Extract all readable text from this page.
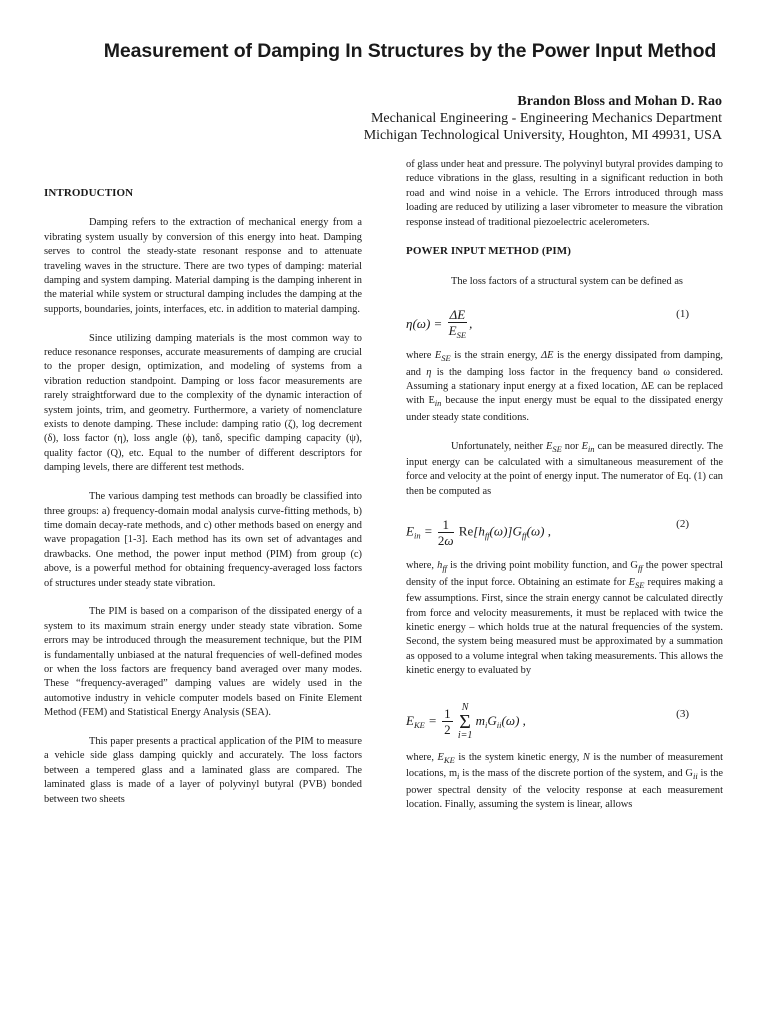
Measurement of Damping In Structures by the Power Input Method
Brandon Bloss and Mohan D. Rao
Mechanical Engineering - Engineering Mechanics Department
Michigan Technological University, Houghton, MI 49931, USA
INTRODUCTION

Damping refers to the extraction of mechanical energy from a vibrating system usually by conversion of this energy into heat. Damping serves to control the steady-state resonant response and to attenuate traveling waves in the structure. There are two types of damping: material damping and system damping. Material damping is the damping inherent in the material while system or structural damping includes the damping at the supports, boundaries, joints, interfaces, etc. in addition to material damping.

Since utilizing damping materials is the most common way to reduce resonance responses, accurate measurements of damping are crucial to the proper design, optimization, and modeling of systems from a vibration reduction standpoint. Damping or loss facor measurements are rarely straightforward due to the complexity of the dynamic interaction of system joints, trim, and geometry. Furthermore, a variety of nomenclature exists to denote damping. These include: damping ratio (ζ), log decrement (δ), loss factor (η), loss angle (ϕ), tanδ, specific damping capacity (ψ), quality factor (Q), etc. Equal to the number of different descriptors for damping levels, there are different test methods.

The various damping test methods can broadly be classified into three groups: a) frequency-domain modal analysis curve-fitting methods, b) time domain decay-rate methods, and c) other methods based on energy and wave propagation [1-3]. Each method has its own set of advantages and drawbacks. One method, the power input method (PIM) from group (c) above, is a powerful method for obtaining frequency-averaged loss factors of structures under steady state vibration.

The PIM is based on a comparison of the dissipated energy of a system to its maximum strain energy under steady state vibration. Some errors may be introduced through the measurement technique, but the PIM is fundamentally unbiased at the natural frequencies of well-defined modes or when the loss factors are frequency band averaged over many modes. These “frequency-averaged” damping values are widely used in the automotive industry in vehicle computer models based on Finite Element Method (FEM) and Statistical Energy Analysis (SEA).

This paper presents a practical application of the PIM to measure a vehicle side glass damping quickly and accurately. The loss factors between a tempered glass and a laminated glass are compared. The laminated glass is made of a layer of polyvinyl butyral (PVB) bonded between two sheets

of glass under heat and pressure. The polyvinyl butyral provides damping to reduce vibrations in the glass, resulting in a significant reduction in both road and wind noise in a vehicle. The Errors introduced through mass loading are reduced by utilizing a laser vibrometer to measure the vibration response instead of traditional piezoelectric acelerometers.

POWER INPUT METHOD (PIM)

The loss factors of a structural system can be defined as

$\eta(\omega) = \frac{\Delta E}{E_{SE}}$ ,
(1)

where $E_{SE}$ is the strain energy, ΔE is the energy dissipated from damping, and η is the damping loss factor in the frequency band ω considered. Assuming a stationary input energy at a fixed location, ΔE can be replaced with $E_{in}$ because the input energy must be equal to the dissipated energy under steady state conditions.

Unfortunately, neither $E_{SE}$ nor $E_{in}$ can be measured directly. The input energy can be calculated with a simultaneous measurement of the force and velocity at the point of energy input. The numerator of Eq. (1) can then be computed as

$E_{in} = \frac{1}{2\omega} Re[h_{ff}(\omega)]G_{ff}(\omega)$ ,	(2)

where, $h_{ff}$ is the driving point mobility function, and $G_{ff}$ the power spectral density of the input force. Obtaining an estimate for $E_{SE}$ requires making a few assumptions. First, since the strain energy cannot be calculated directly from force and velocity measurements, it must be replaced with twice the kinetic energy – which holds true at the natural frequencies of the system. Second, the system being measured must be approximated by a summation as opposed to a volume integral when taking measurements. This allows the kinetic energy to evaluated by

$E_{KE} = \frac{1}{2}$
N
Σ
i=1
$m_iG_{ii}(\omega)$ ,	(3)

where, $E_{KE}$ is the system kinetic energy, N is the number of measurement locations, $m_i$ is the mass of the discrete portion of the system, and $G_{ii}$ is the power spectral density of the velocity response at each measurement location. Finally, assuming the system is linear, allows
